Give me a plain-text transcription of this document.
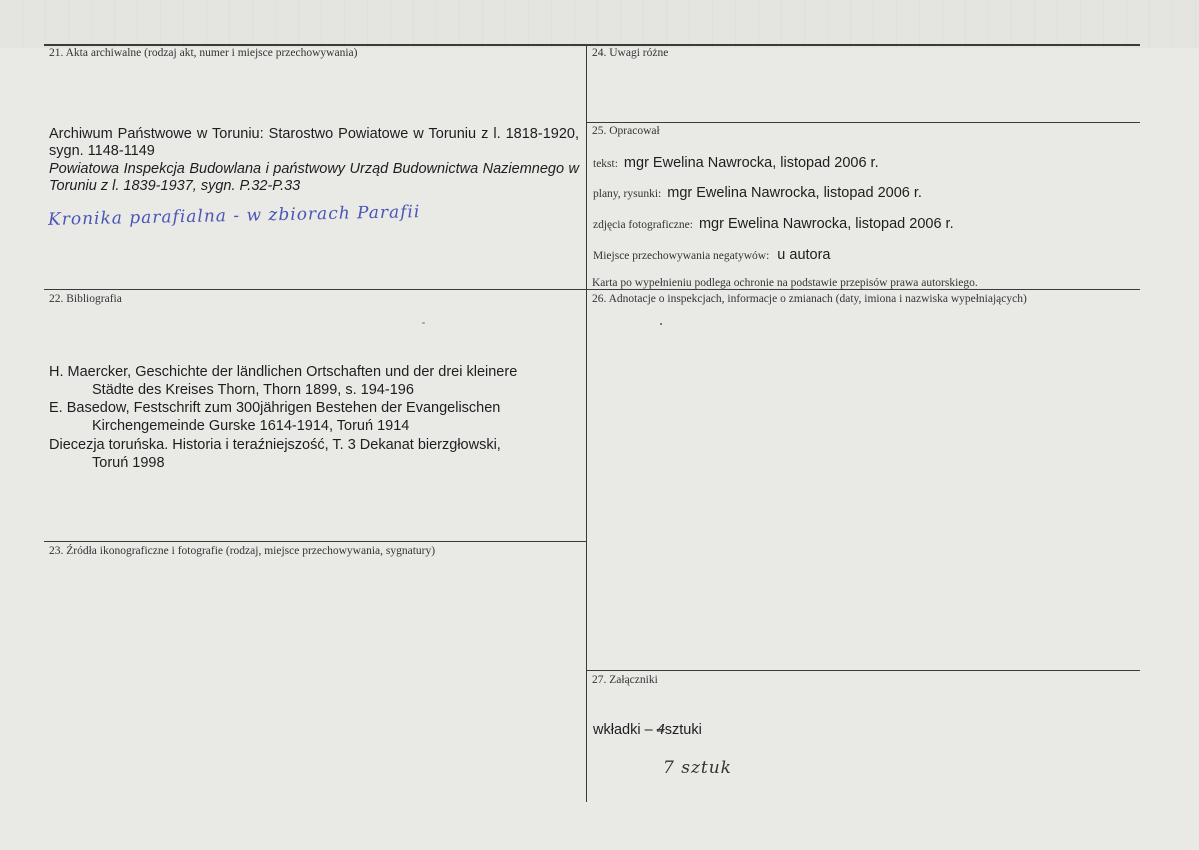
21. Akta archiwalne (rodzaj akt, numer i miejsce przechowywania)
Archiwum Państwowe w Toruniu: Starostwo Powiatowe w Toruniu z l. 1818-1920, sygn. 1148-1149
Powiatowa Inspekcja Budowlana i państwowy Urząd Budownictwa Naziemnego w Toruniu z l. 1839-1937, sygn. P.32-P.33
Kronika parafialna - w zbiorach Parafii
24. Uwagi różne
25. Opracował
tekst: mgr Ewelina Nawrocka, listopad 2006 r.
plany, rysunki: mgr Ewelina Nawrocka, listopad 2006 r.
zdjęcia fotograficzne: mgr Ewelina Nawrocka, listopad 2006 r.
Miejsce przechowywania negatywów: u autora
Karta po wypełnieniu podlega ochronie na podstawie przepisów prawa autorskiego.
22. Bibliografia
H. Maercker, Geschichte der ländlichen Ortschaften und der drei kleinere
Städte des Kreises Thorn, Thorn 1899, s. 194-196
E. Basedow, Festschrift zum 300jährigen Bestehen der Evangelischen
Kirchengemeinde Gurske 1614-1914, Toruń 1914
Diecezja toruńska. Historia i teraźniejszość, T. 3 Dekanat bierzgłowski,
Toruń 1998
23. Źródła ikonograficzne i fotografie (rodzaj, miejsce przechowywania, sygnatury)
26. Adnotacje o inspekcjach, informacje o zmianach (daty, imiona i nazwiska wypełniających)
27. Załączniki
wkładki – 4sztuki
7 sztuk
